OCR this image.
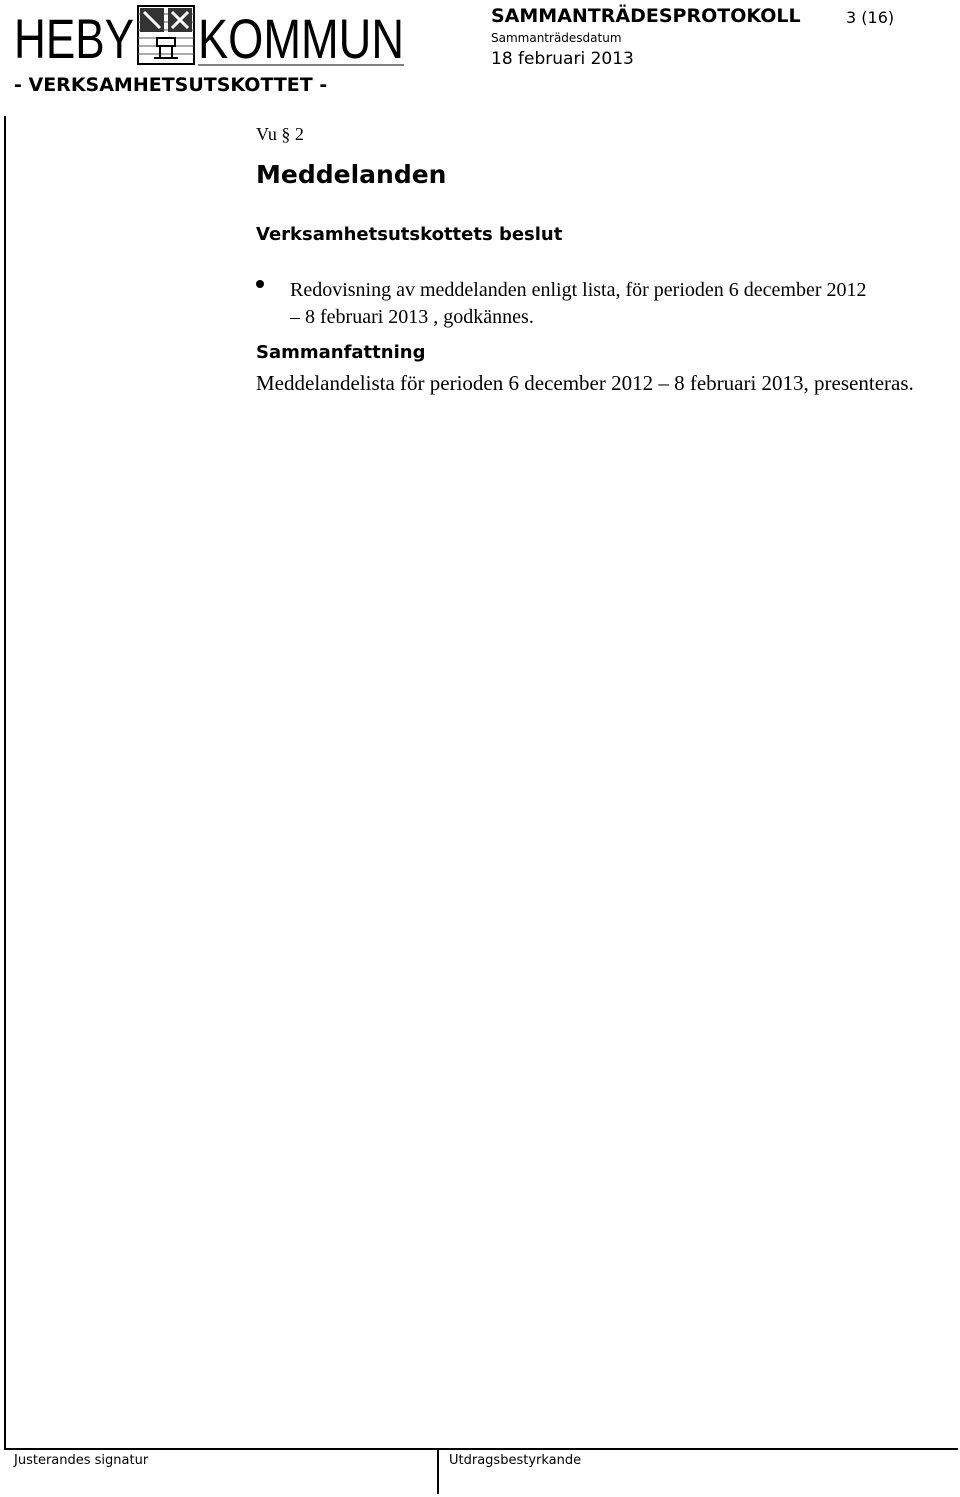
HEBY KOMMUN
- VERKSAMHETSUTSKOTTET -
SAMMANTRÄDESPROTOKOLL	3 (16)
Sammanträdesdatum
18 februari 2013
Vu § 2
Meddelanden
Verksamhetsutskottets beslut
Redovisning av meddelanden enligt lista, för perioden 6 december 2012 – 8 februari 2013 , godkännes.
Sammanfattning
Meddelandelista för perioden 6 december 2012 – 8 februari 2013, presenteras.
Justerandes signatur	Utdragsbestyrkande
